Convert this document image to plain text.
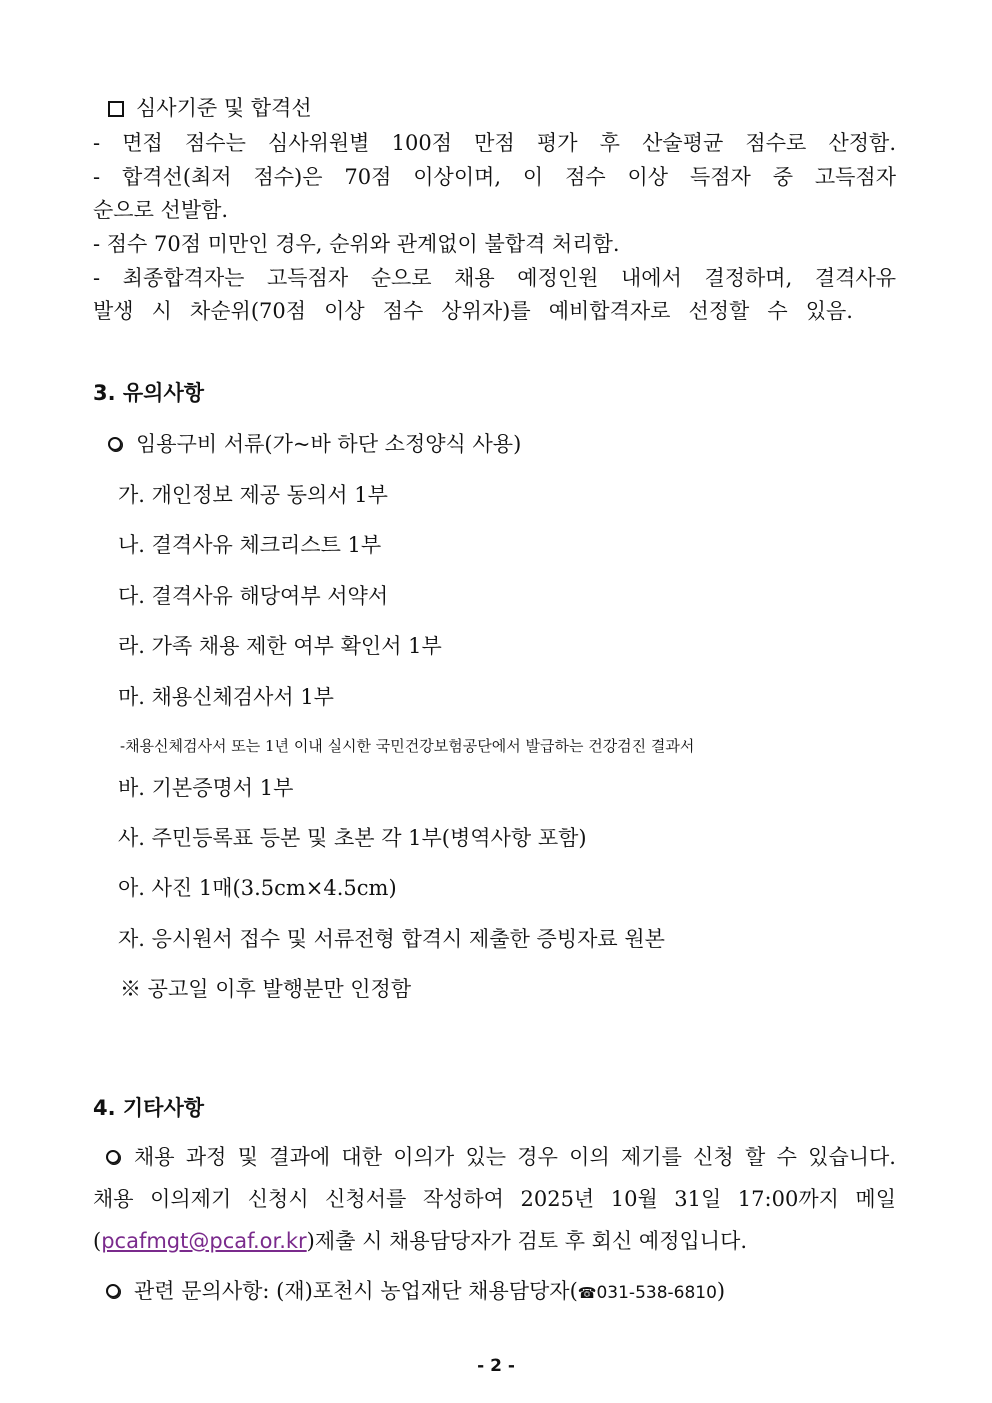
심사기준 및 합격선
- 면접 점수는 심사위원별 100점 만점 평가 후 산술평균 점수로 산정함.
- 합격선(최저 점수)은 70점 이상이며, 이 점수 이상 득점자 중 고득점자
순으로 선발함.
- 점수 70점 미만인 경우, 순위와 관계없이 불합격 처리함.
- 최종합격자는 고득점자 순으로 채용 예정인원 내에서 결정하며, 결격사유
발생 시 차순위(70점 이상 점수 상위자)를 예비합격자로 선정할 수 있음.
3. 유의사항
임용구비 서류(가~바 하단 소정양식 사용)
가. 개인정보 제공 동의서 1부
나. 결격사유 체크리스트 1부
다. 결격사유 해당여부 서약서
라. 가족 채용 제한 여부 확인서 1부
마. 채용신체검사서 1부
-채용신체검사서 또는 1년 이내 실시한 국민건강보험공단에서 발급하는 건강검진 결과서
바. 기본증명서 1부
사. 주민등록표 등본 및 초본 각 1부(병역사항 포함)
아. 사진 1매(3.5cm×4.5cm)
자. 응시원서 접수 및 서류전형 합격시 제출한 증빙자료 원본
※ 공고일 이후 발행분만 인정함
4. 기타사항
채용 과정 및 결과에 대한 이의가 있는 경우 이의 제기를 신청 할 수 있습니다.
채용 이의제기 신청시 신청서를 작성하여 2025년 10월 31일 17:00까지 메일
(pcafmgt@pcaf.or.kr)제출 시 채용담당자가 검토 후 회신 예정입니다.
관련 문의사항: (재)포천시 농업재단 채용담당자(☎031-538-6810)
- 2 -
